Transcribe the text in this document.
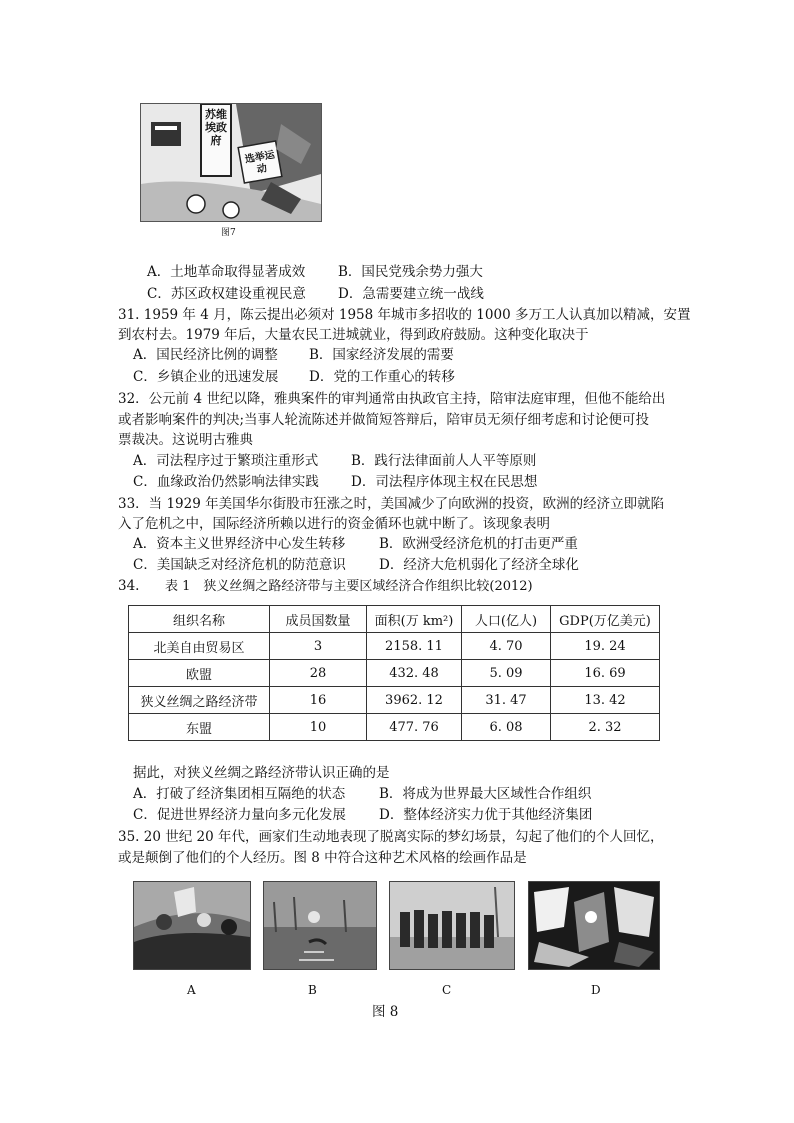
苏维埃政府
选举运动
图7
A．土地革命取得显著成效 B．国民党残余势力强大
C．苏区政权建设重视民意 D．急需要建立统一战线
31. 1959 年 4 月，陈云提出必须对 1958 年城市多招收的 1000 多万工人认真加以精减，安置
到农村去。1979 年后，大量农民工进城就业，得到政府鼓励。这种变化取决于
A．国民经济比例的调整 B．国家经济发展的需要
C．乡镇企业的迅速发展 D．党的工作重心的转移
32．公元前 4 世纪以降，雅典案件的审判通常由执政官主持，陪审法庭审理，但他不能给出
或者影响案件的判决;当事人轮流陈述并做简短答辩后，陪审员无须仔细考虑和讨论便可投
票裁决。这说明古雅典
A．司法程序过于繁琐注重形式 B．践行法律面前人人平等原则
C．血缘政治仍然影响法律实践 D．司法程序体现主权在民思想
33．当 1929 年美国华尔街股市狂涨之时，美国减少了向欧洲的投资，欧洲的经济立即就陷
入了危机之中，国际经济所赖以进行的资金循环也就中断了。该现象表明
A．资本主义世界经济中心发生转移	B．欧洲受经济危机的打击更严重
C．美国缺乏对经济危机的防范意识 D．经济大危机弱化了经济全球化
34. 表 1　狭义丝绸之路经济带与主要区域经济合作组织比较(2012)
组织名称	成员国数量	面积(万 km²)	人口(亿人)	GDP(万亿美元)
北美自由贸易区	3	2158. 11	4. 70	19. 24
欧盟	28	432. 48	5. 09	16. 69
狭义丝绸之路经济带	16	3962. 12	31. 47	13. 42
东盟	10	477. 76	6. 08	2. 32
据此，对狭义丝绸之路经济带认识正确的是
A．打破了经济集团相互隔绝的状态	B．将成为世界最大区域性合作组织
C．促进世界经济力量向多元化发展 D．整体经济实力优于其他经济集团
35. 20 世纪 20 年代，画家们生动地表现了脱离实际的梦幻场景，勾起了他们的个人回忆，
或是颠倒了他们的个人经历。图 8 中符合这种艺术风格的绘画作品是
A	B	C	D
图 8
